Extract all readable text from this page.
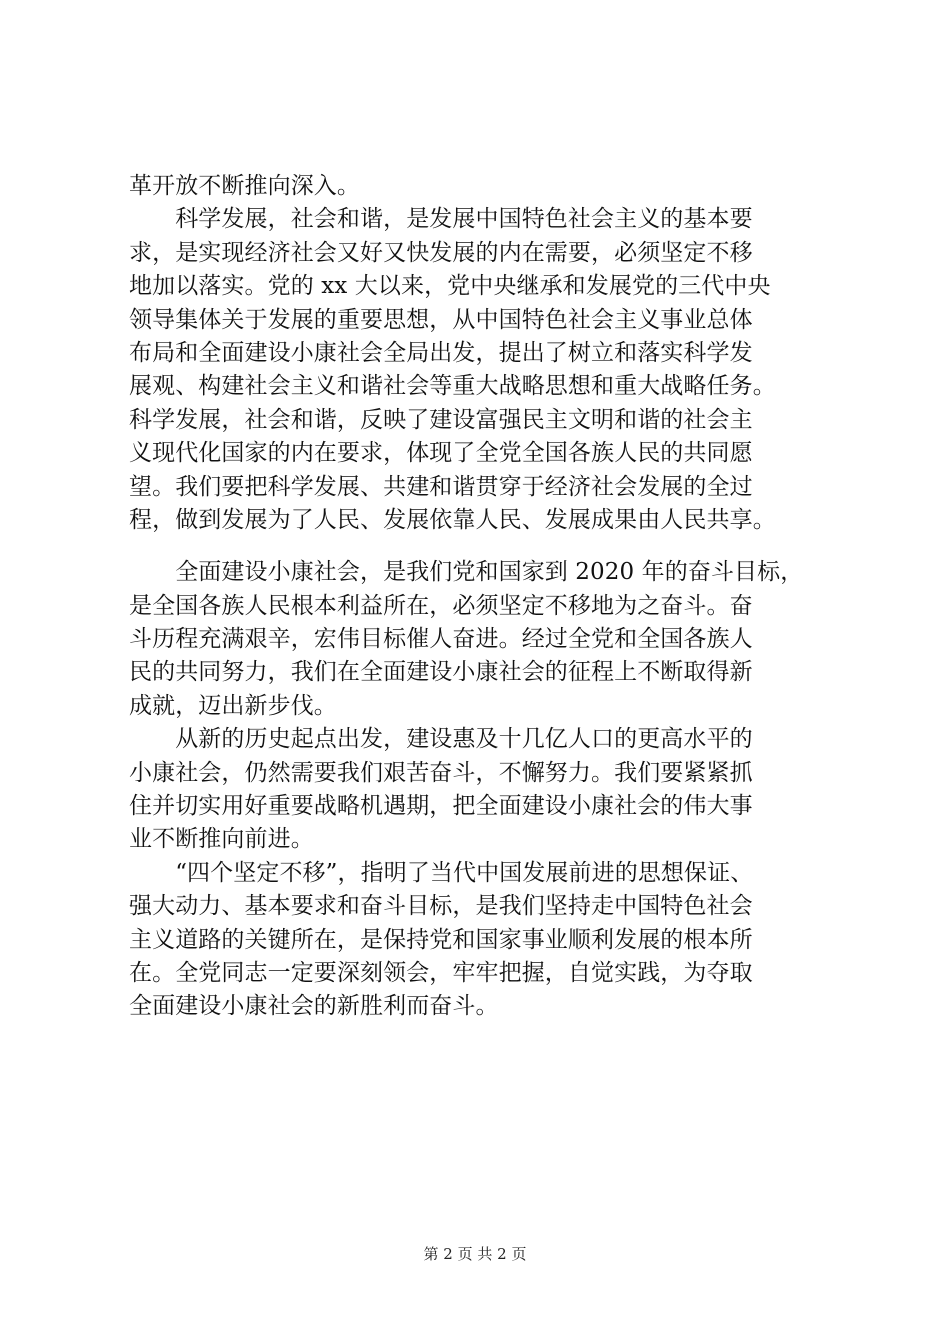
革开放不断推向深入。
　　科学发展，社会和谐，是发展中国特色社会主义的基本要
求，是实现经济社会又好又快发展的内在需要，必须坚定不移
地加以落实。党的 xx 大以来，党中央继承和发展党的三代中央
领导集体关于发展的重要思想，从中国特色社会主义事业总体
布局和全面建设小康社会全局出发，提出了树立和落实科学发
展观、构建社会主义和谐社会等重大战略思想和重大战略任务。
科学发展，社会和谐，反映了建设富强民主文明和谐的社会主
义现代化国家的内在要求，体现了全党全国各族人民的共同愿
望。我们要把科学发展、共建和谐贯穿于经济社会发展的全过
程，做到发展为了人民、发展依靠人民、发展成果由人民共享。
　　全面建设小康社会，是我们党和国家到 2020 年的奋斗目标，
是全国各族人民根本利益所在，必须坚定不移地为之奋斗。奋
斗历程充满艰辛，宏伟目标催人奋进。经过全党和全国各族人
民的共同努力，我们在全面建设小康社会的征程上不断取得新
成就，迈出新步伐。
　　从新的历史起点出发，建设惠及十几亿人口的更高水平的
小康社会，仍然需要我们艰苦奋斗，不懈努力。我们要紧紧抓
住并切实用好重要战略机遇期，把全面建设小康社会的伟大事
业不断推向前进。
　　“四个坚定不移”，指明了当代中国发展前进的思想保证、
强大动力、基本要求和奋斗目标，是我们坚持走中国特色社会
主义道路的关键所在，是保持党和国家事业顺利发展的根本所
在。全党同志一定要深刻领会，牢牢把握，自觉实践，为夺取
全面建设小康社会的新胜利而奋斗。
第 2 页 共 2 页
